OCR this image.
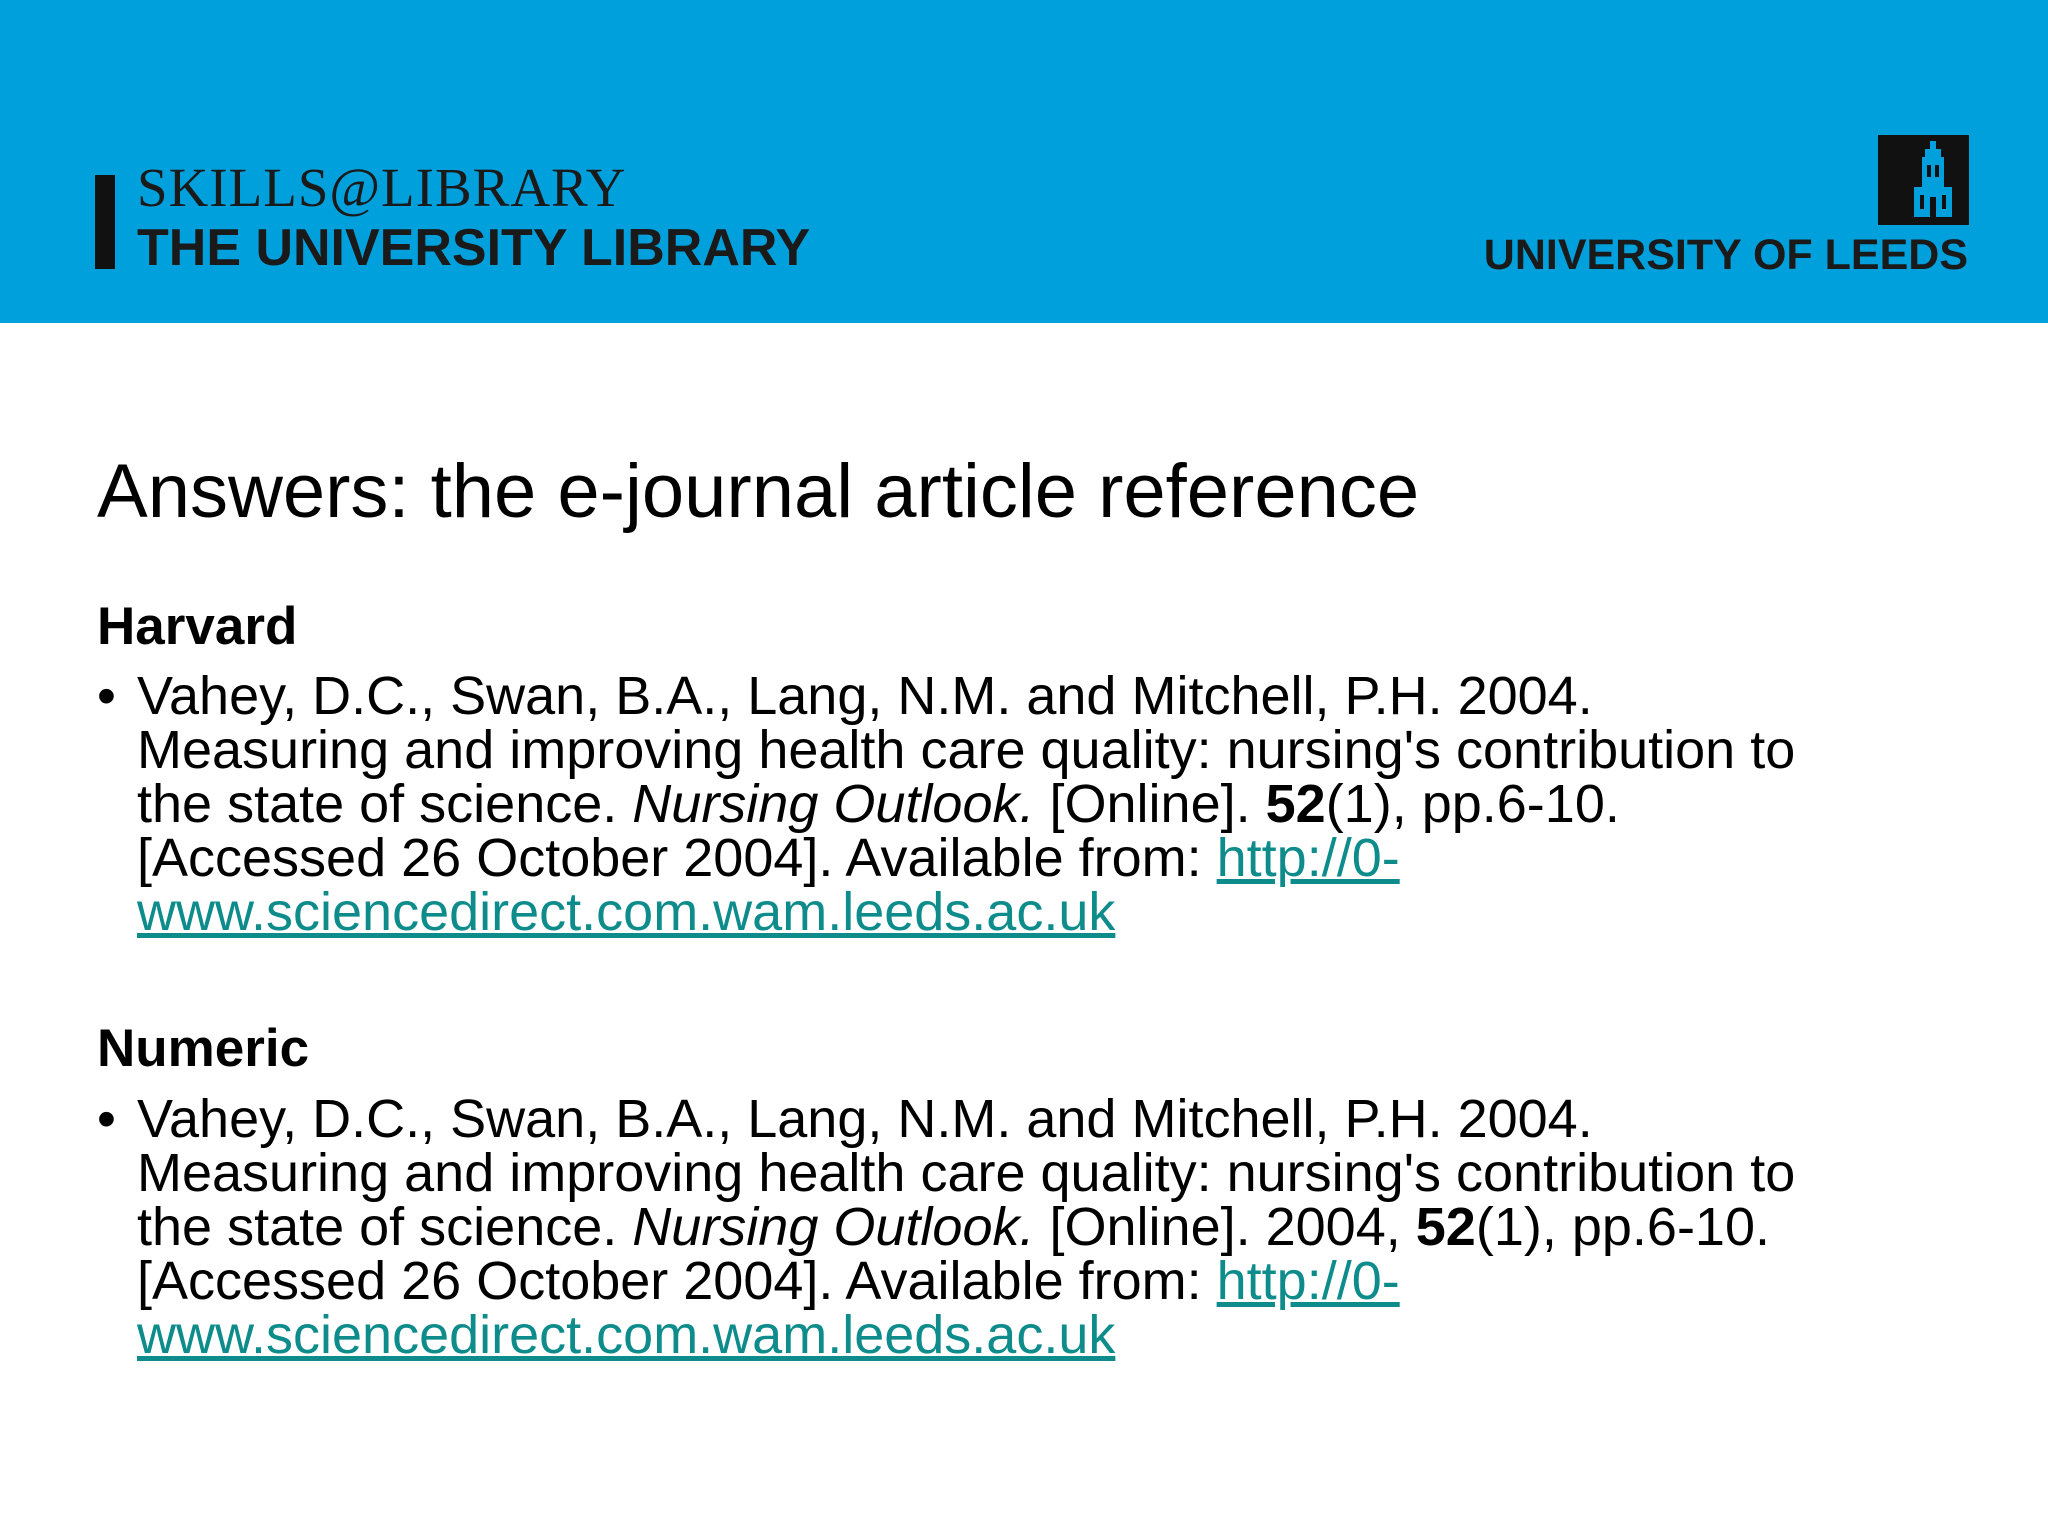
SKILLS@LIBRARY
THE UNIVERSITY LIBRARY	UNIVERSITY OF LEEDS
Answers: the e-journal article reference
Harvard
• Vahey, D.C., Swan, B.A., Lang, N.M. and Mitchell, P.H. 2004.
Measuring and improving health care quality: nursing's contribution to
the state of science. Nursing Outlook. [Online]. 52(1), pp.6-10.
[Accessed 26 October 2004]. Available from: http://0-
www.sciencedirect.com.wam.leeds.ac.uk
Numeric
• Vahey, D.C., Swan, B.A., Lang, N.M. and Mitchell, P.H. 2004.
Measuring and improving health care quality: nursing's contribution to
the state of science. Nursing Outlook. [Online]. 2004, 52(1), pp.6-10.
[Accessed 26 October 2004]. Available from: http://0-
www.sciencedirect.com.wam.leeds.ac.uk
